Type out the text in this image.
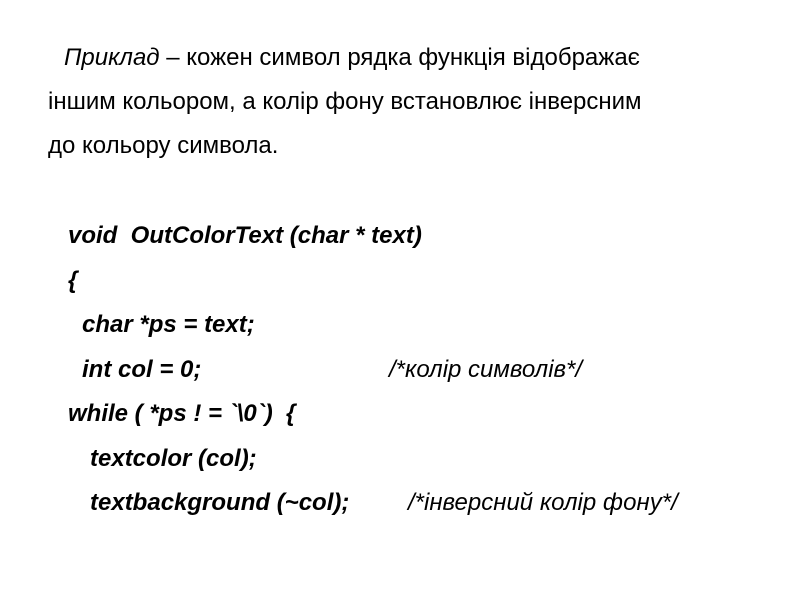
Приклад – кожен символ рядка функція відображає
іншим кольором, а колір фону встановлює інверсним
до кольору символа.
void  OutColorText (char * text)
{
char *ps = text;
int col = 0;	/*колір символів*/
while ( *ps ! = `\0`)  {
textcolor (col);
textbackground (~col); /*інверсний колір фону*/
